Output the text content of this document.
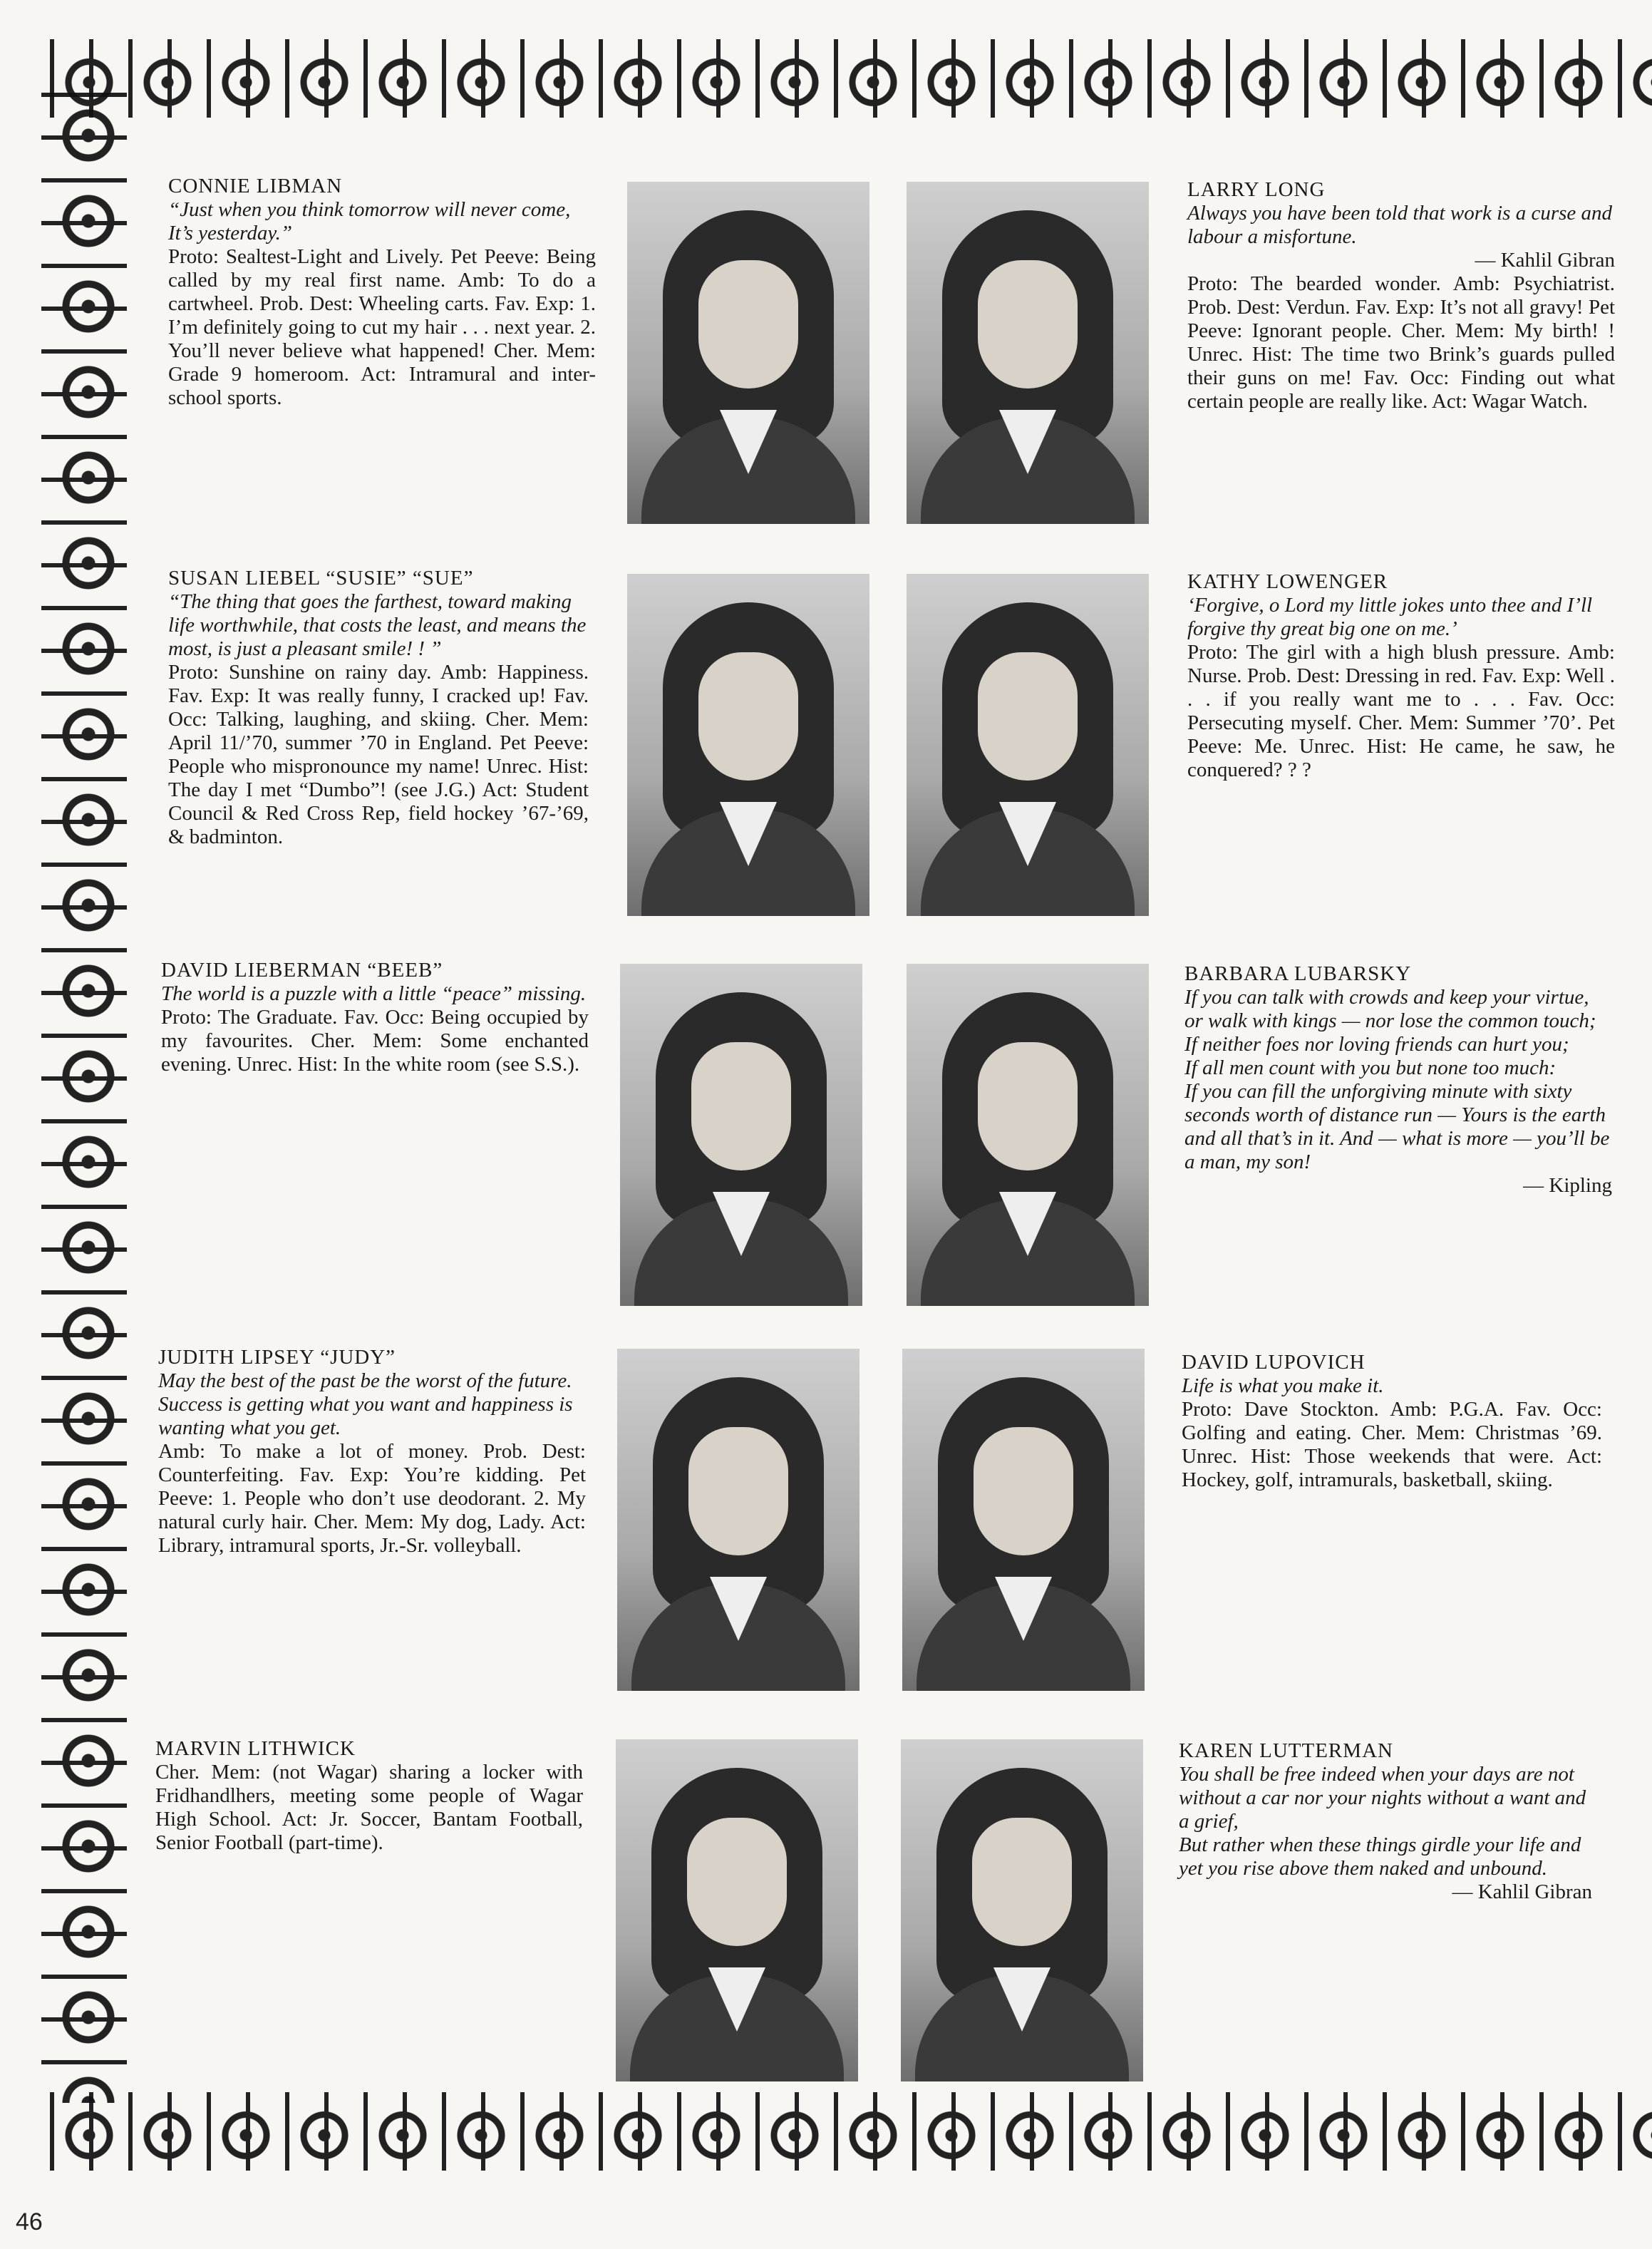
CONNIE LIBMAN
“Just when you think tomorrow will never come, It’s yesterday.”
Proto: Sealtest-Light and Lively. Pet Peeve: Being called by my real first name. Amb: To do a cartwheel. Prob. Dest: Wheeling carts. Fav. Exp: 1. I’m definitely going to cut my hair . . . next year. 2. You’ll never believe what happened! Cher. Mem: Grade 9 homeroom. Act: Intramural and inter-school sports.
LARRY LONG
Always you have been told that work is a curse and labour a misfortune.
— Kahlil Gibran
Proto: The bearded wonder. Amb: Psychiatrist. Prob. Dest: Verdun. Fav. Exp: It’s not all gravy! Pet Peeve: Ignorant people. Cher. Mem: My birth! ! Unrec. Hist: The time two Brink’s guards pulled their guns on me! Fav. Occ: Finding out what certain people are really like. Act: Wagar Watch.
SUSAN LIEBEL “SUSIE” “SUE”
“The thing that goes the farthest, toward making life worthwhile, that costs the least, and means the most, is just a pleasant smile! ! ”
Proto: Sunshine on rainy day. Amb: Happiness. Fav. Exp: It was really funny, I cracked up! Fav. Occ: Talking, laughing, and skiing. Cher. Mem: April 11/’70, summer ’70 in England. Pet Peeve: People who mispronounce my name! Unrec. Hist: The day I met “Dumbo”! (see J.G.) Act: Student Council & Red Cross Rep, field hockey ’67-’69, & badminton.
KATHY LOWENGER
‘Forgive, o Lord my little jokes unto thee and I’ll forgive thy great big one on me.’
Proto: The girl with a high blush pressure. Amb: Nurse. Prob. Dest: Dressing in red. Fav. Exp: Well . . . if you really want me to . . . Fav. Occ: Persecuting myself. Cher. Mem: Summer ’70’. Pet Peeve: Me. Unrec. Hist: He came, he saw, he conquered? ? ?
DAVID LIEBERMAN “BEEB”
The world is a puzzle with a little “peace” missing.
Proto: The Graduate. Fav. Occ: Being occupied by my favourites. Cher. Mem: Some enchanted evening. Unrec. Hist: In the white room (see S.S.).
BARBARA LUBARSKY
If you can talk with crowds and keep your virtue, or walk with kings — nor lose the common touch;
If neither foes nor loving friends can hurt you;
If all men count with you but none too much:
If you can fill the unforgiving minute with sixty seconds worth of distance run — Yours is the earth and all that’s in it. And — what is more — you’ll be a man, my son!
— Kipling
JUDITH LIPSEY “JUDY”
May the best of the past be the worst of the future. Success is getting what you want and happiness is wanting what you get.
Amb: To make a lot of money. Prob. Dest: Counterfeiting. Fav. Exp: You’re kidding. Pet Peeve: 1. People who don’t use deodorant. 2. My natural curly hair. Cher. Mem: My dog, Lady. Act: Library, intramural sports, Jr.-Sr. volleyball.
DAVID LUPOVICH
Life is what you make it.
Proto: Dave Stockton. Amb: P.G.A. Fav. Occ: Golfing and eating. Cher. Mem: Christmas ’69. Unrec. Hist: Those weekends that were. Act: Hockey, golf, intramurals, basketball, skiing.
MARVIN LITHWICK
Cher. Mem: (not Wagar) sharing a locker with Fridhandlhers, meeting some people of Wagar High School. Act: Jr. Soccer, Bantam Football, Senior Football (part-time).
KAREN LUTTERMAN
You shall be free indeed when your days are not without a car nor your nights without a want and a grief,
But rather when these things girdle your life and yet you rise above them naked and unbound.
— Kahlil Gibran
46
